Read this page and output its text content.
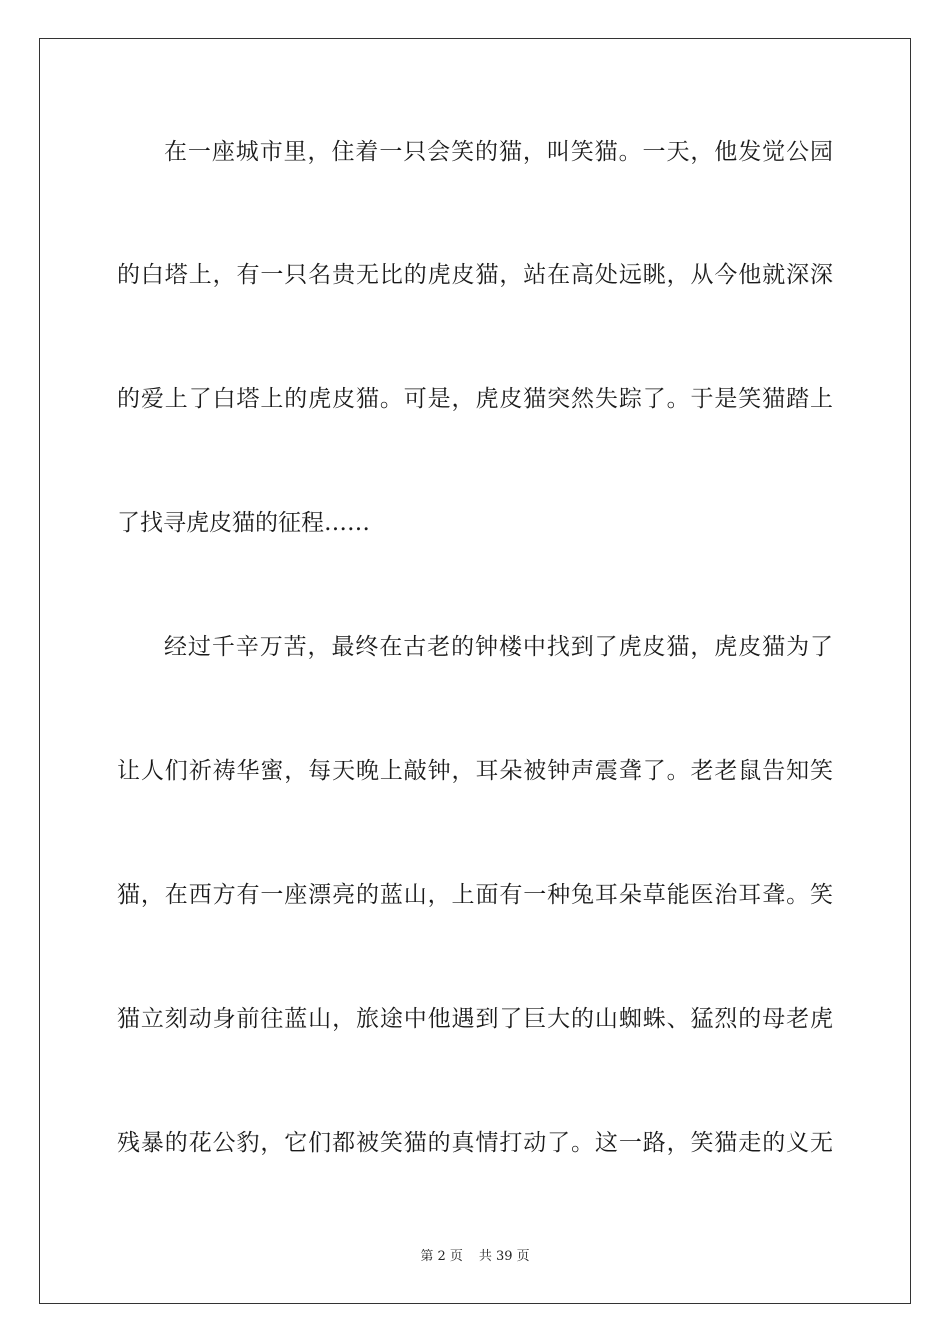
在一座城市里，住着一只会笑的猫，叫笑猫。一天，他发觉公园
的白塔上，有一只名贵无比的虎皮猫，站在高处远眺，从今他就深深
的爱上了白塔上的虎皮猫。可是，虎皮猫突然失踪了。于是笑猫踏上
了找寻虎皮猫的征程……
经过千辛万苦，最终在古老的钟楼中找到了虎皮猫，虎皮猫为了
让人们祈祷华蜜，每天晚上敲钟，耳朵被钟声震聋了。老老鼠告知笑
猫，在西方有一座漂亮的蓝山，上面有一种兔耳朵草能医治耳聋。笑
猫立刻动身前往蓝山，旅途中他遇到了巨大的山蜘蛛、猛烈的母老虎
残暴的花公豹，它们都被笑猫的真情打动了。这一路，笑猫走的义无
第 2 页 共 39 页
